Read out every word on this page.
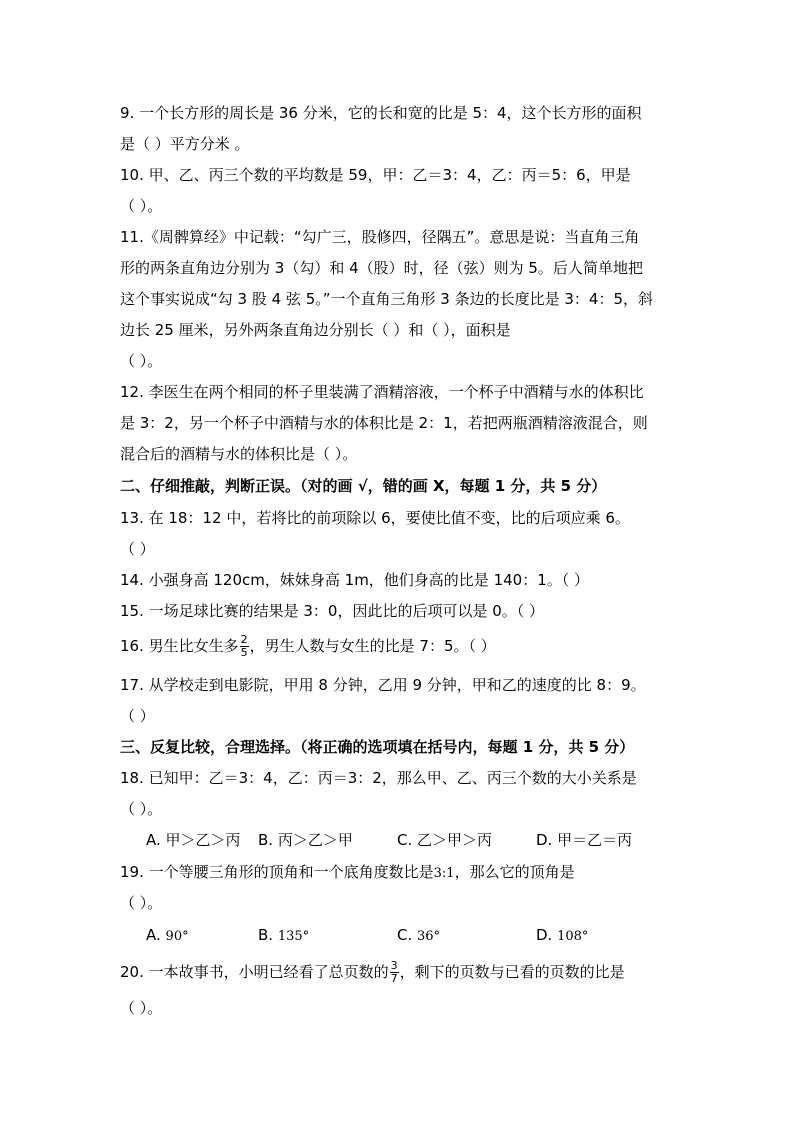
9. 一个长方形的周长是 36 分米，它的长和宽的比是 5：4，这个长方形的面积
是（ ）平方分米 。
10. 甲、乙、丙三个数的平均数是 59，甲：乙＝3：4，乙：丙＝5：6，甲是
（ ）。
11.《周髀算经》中记载：“勾广三，股修四，径隅五”。意思是说：当直角三角
形的两条直角边分别为 3（勾）和 4（股）时，径（弦）则为 5。后人简单地把
这个事实说成“勾 3 股 4 弦 5。”一个直角三角形 3 条边的长度比是 3：4：5，斜
边长 25 厘米，另外两条直角边分别长（ ）和（ ），面积是
（ ）。
12. 李医生在两个相同的杯子里装满了酒精溶液，一个杯子中酒精与水的体积比
是 3：2，另一个杯子中酒精与水的体积比是 2：1，若把两瓶酒精溶液混合，则
混合后的酒精与水的体积比是（ ）。
二、仔细推敲，判断正误。（对的画 √，错的画 X，每题 1 分，共 5 分）
13. 在 18：12 中，若将比的前项除以 6，要使比值不变，比的后项应乘 6。
（ ）
14. 小强身高 120cm，妹妹身高 1m，他们身高的比是 140：1。（ ）
15. 一场足球比赛的结果是 3：0，因此比的后项可以是 0。（ ）
16. 男生比女生多 $\frac{2}{5}$ ，男生人数与女生的比是 7：5。（ ）
17. 从学校走到电影院，甲用 8 分钟，乙用 9 分钟，甲和乙的速度的比 8：9。
（ ）
三、反复比较，合理选择。（将正确的选项填在括号内，每题 1 分，共 5 分）
18. 已知甲：乙＝3：4，乙：丙＝3：2，那么甲、乙、丙三个数的大小关系是
（ ）。
A. 甲＞乙＞丙 B. 丙＞乙＞甲	C. 乙＞甲＞丙	D. 甲＝乙＝丙
19. 一个等腰三角形的顶角和一个底角度数比是3:1，那么它的顶角是
（ ）。
A. 90°	B. 135°	C. 36°	D. 108°
20. 一本故事书，小明已经看了总页数的 $\frac{3}{7}$ ，剩下的页数与已看的页数的比是
（ ）。
